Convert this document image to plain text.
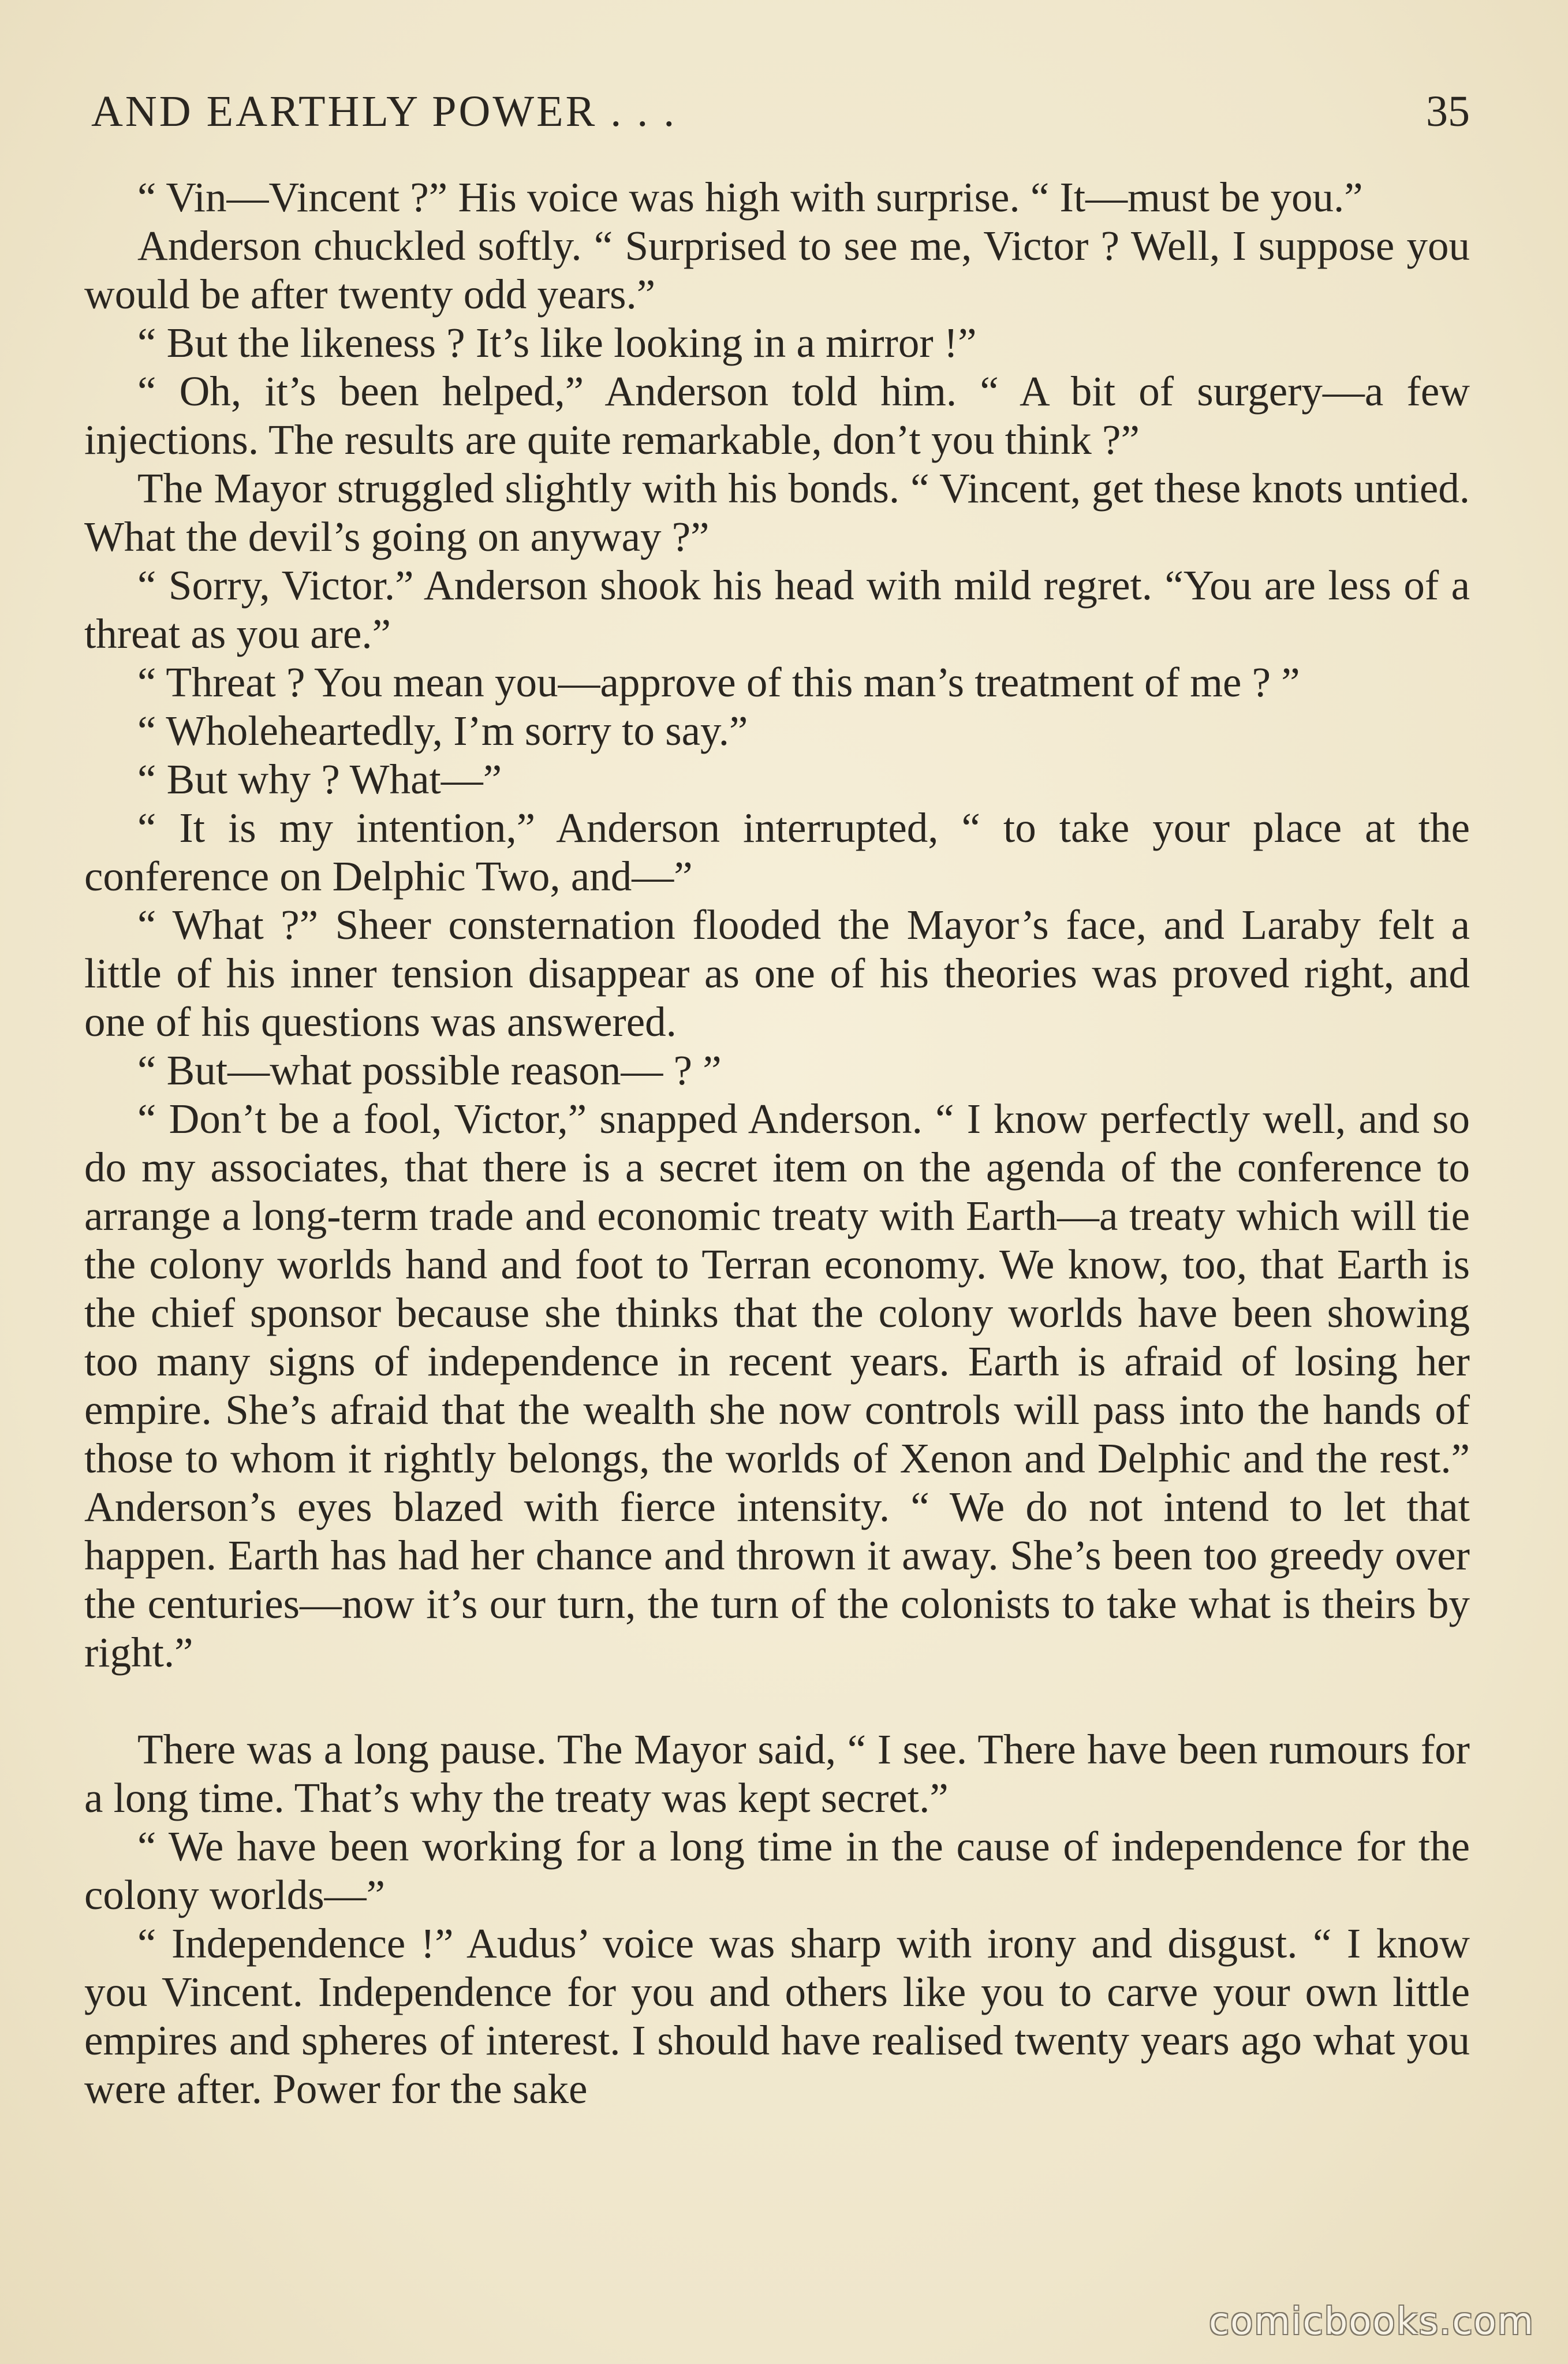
AND EARTHLY POWER . . .	35

“ Vin—Vincent ?” His voice was high with surprise. “ It—must be you.”

Anderson chuckled softly. “ Surprised to see me, Victor ? Well, I suppose you would be after twenty odd years.”

“ But the likeness ? It’s like looking in a mirror !”

“ Oh, it’s been helped,” Anderson told him. “ A bit of surgery—a few injections. The results are quite remarkable, don’t you think ?”

The Mayor struggled slightly with his bonds. “ Vincent, get these knots untied. What the devil’s going on anyway ?”

“ Sorry, Victor.” Anderson shook his head with mild regret. “You are less of a threat as you are.”

“ Threat ? You mean you—approve of this man’s treatment of me ? ”

“ Wholeheartedly, I’m sorry to say.”

“ But why ? What—”

“ It is my intention,” Anderson interrupted, “ to take your place at the conference on Delphic Two, and—”

“ What ?” Sheer consternation flooded the Mayor’s face, and Laraby felt a little of his inner tension disappear as one of his theories was proved right, and one of his questions was answered.

“ But—what possible reason— ? ”

“ Don’t be a fool, Victor,” snapped Anderson. “ I know perfectly well, and so do my associates, that there is a secret item on the agenda of the conference to arrange a long-term trade and economic treaty with Earth—a treaty which will tie the colony worlds hand and foot to Terran economy. We know, too, that Earth is the chief sponsor because she thinks that the colony worlds have been showing too many signs of independence in recent years. Earth is afraid of losing her empire. She’s afraid that the wealth she now controls will pass into the hands of those to whom it rightly belongs, the worlds of Xenon and Delphic and the rest.” Anderson’s eyes blazed with fierce intensity. “ We do not intend to let that happen. Earth has had her chance and thrown it away. She’s been too greedy over the centuries—now it’s our turn, the turn of the colonists to take what is theirs by right.”

There was a long pause. The Mayor said, “ I see. There have been rumours for a long time. That’s why the treaty was kept secret.”

“ We have been working for a long time in the cause of independence for the colony worlds—”

“ Independence !” Audus’ voice was sharp with irony and disgust. “ I know you Vincent. Independence for you and others like you to carve your own little empires and spheres of interest. I should have realised twenty years ago what you were after. Power for the sake

comicbooks.com
